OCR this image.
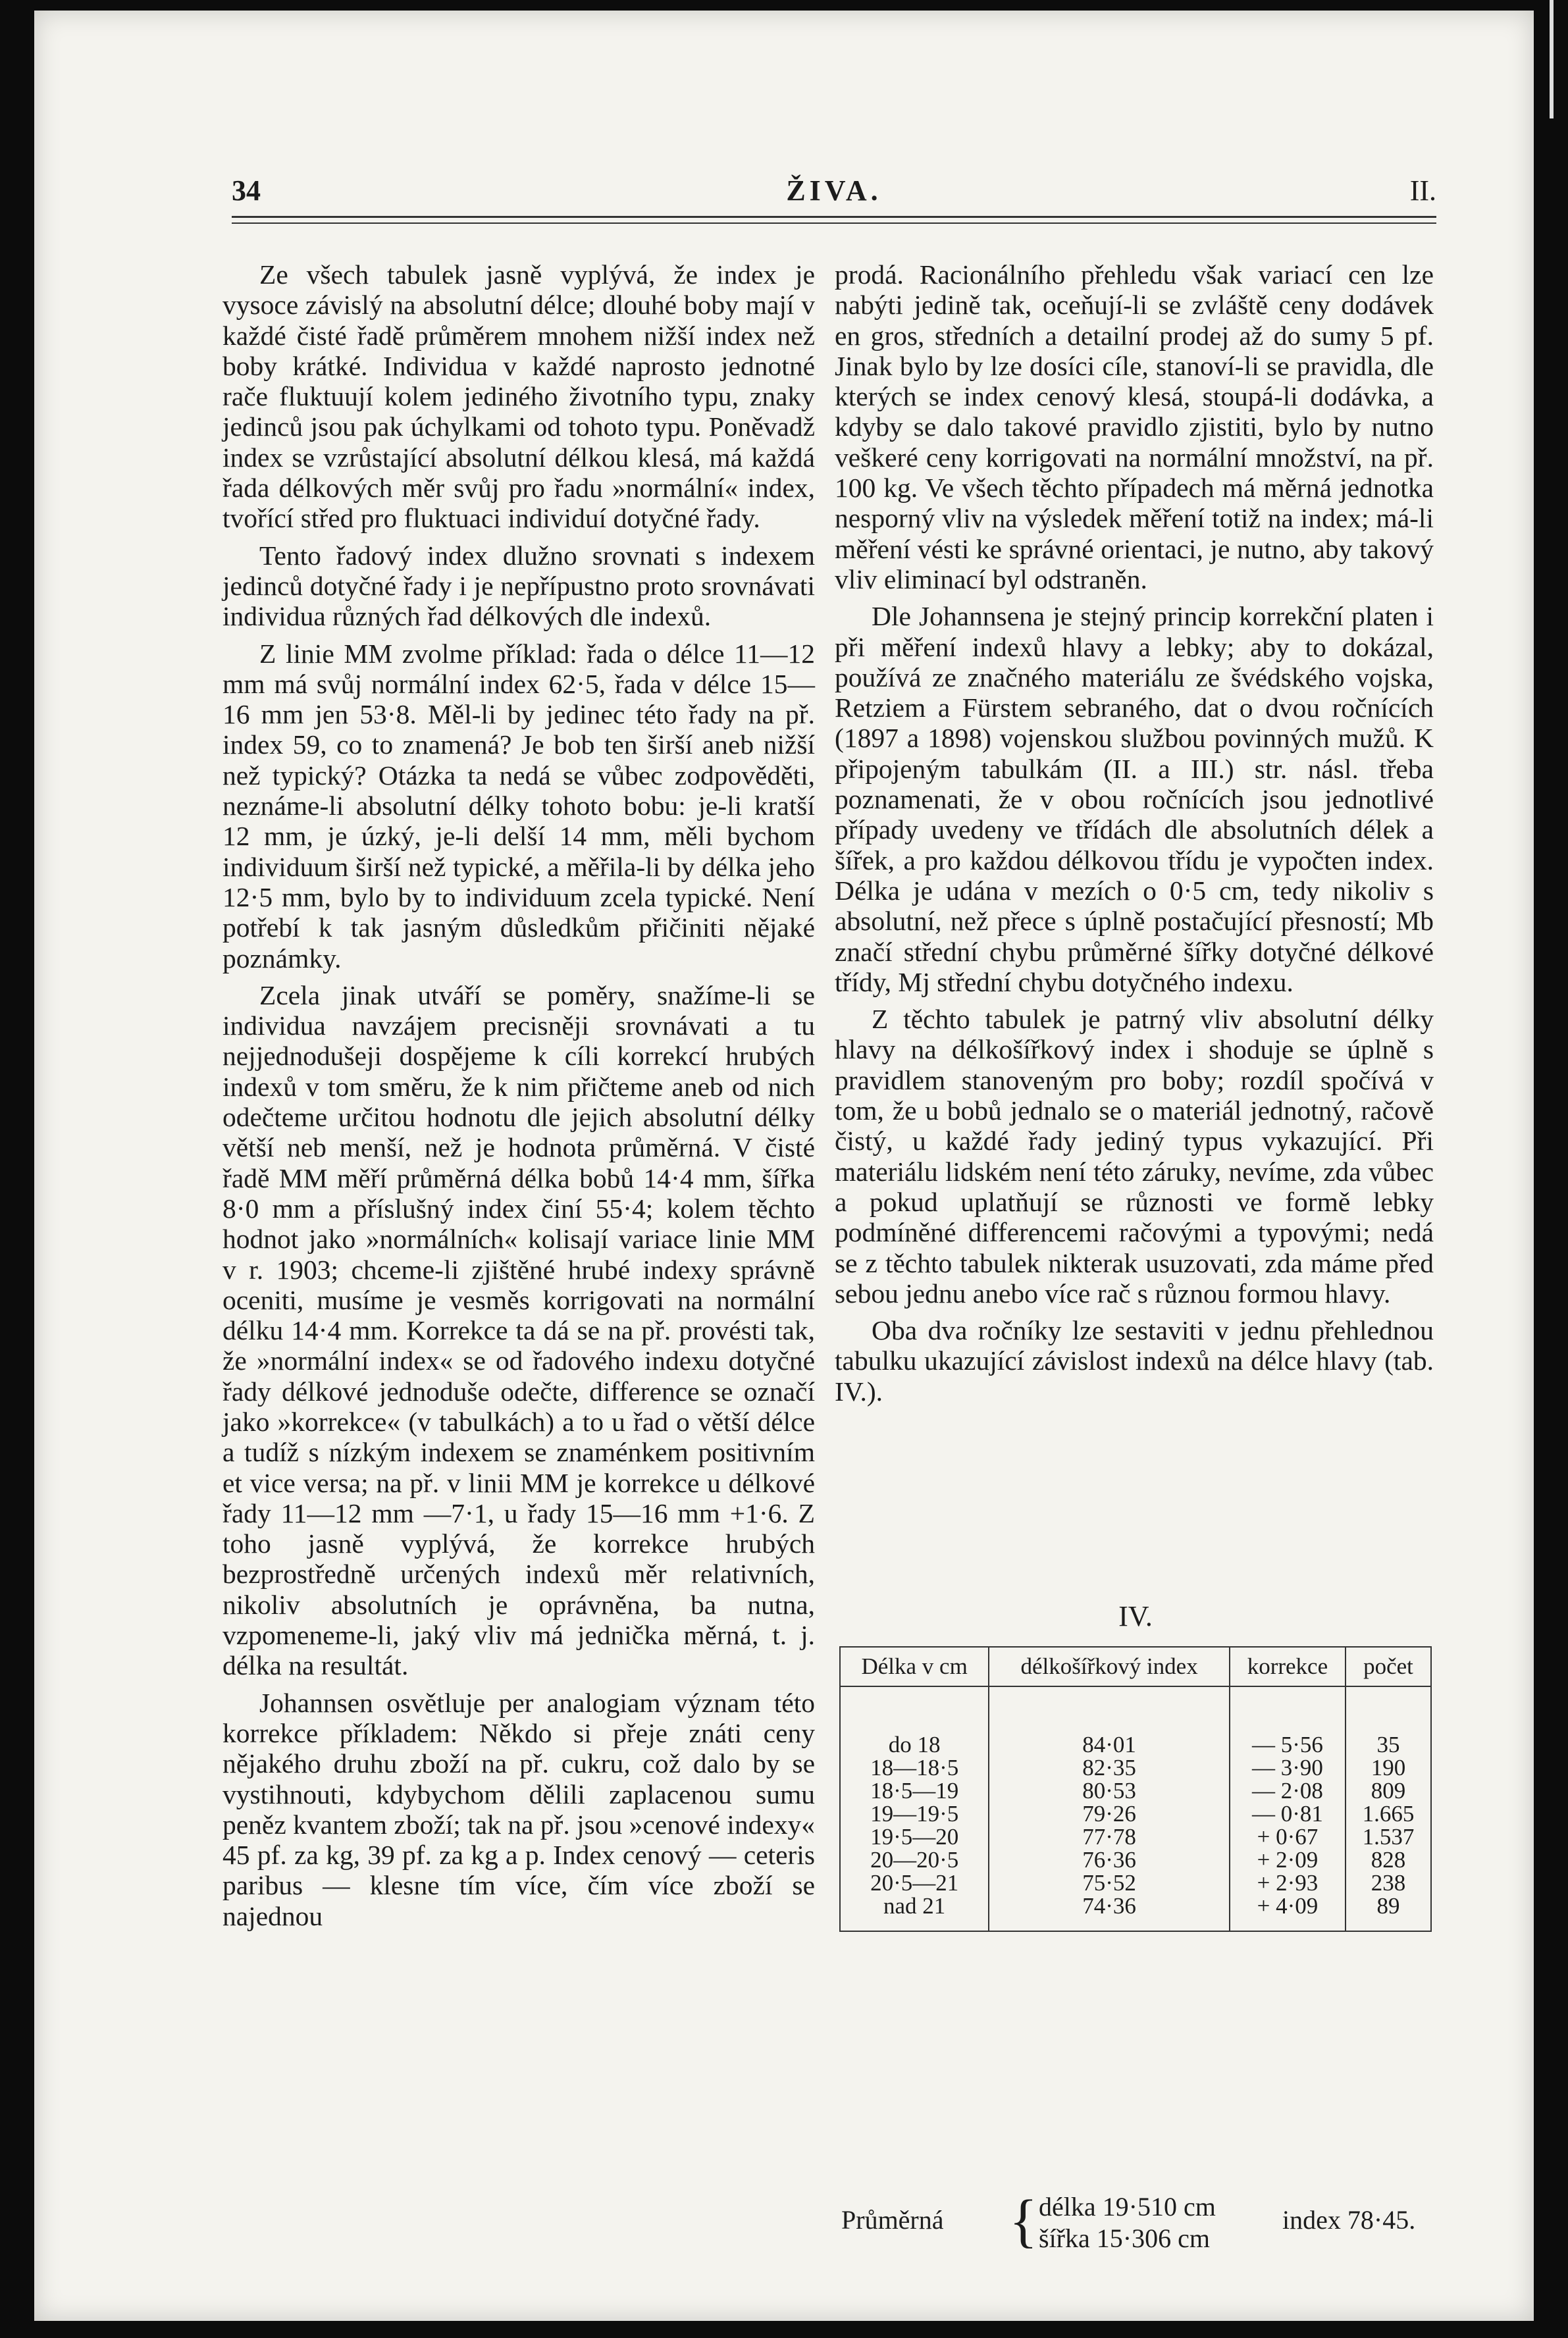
34	ŽIVA.	II.

Ze všech tabulek jasně vyplývá, že index je vysoce závislý na absolutní délce; dlouhé boby mají v každé čisté řadě průměrem mnohem nižší index než boby krátké. Individua v každé naprosto jednotné rače fluktuují kolem jediného životního typu, znaky jedinců jsou pak úchylkami od tohoto typu. Poněvadž index se vzrůstající absolutní délkou klesá, má každá řada délkových měr svůj pro řadu »normální« index, tvořící střed pro fluktuaci individuí dotyčné řady.

Tento řadový index dlužno srovnati s indexem jedinců dotyčné řady i je nepřípustno proto srovnávati individua různých řad délkových dle indexů.

Z linie MM zvolme příklad: řada o délce 11—12 mm má svůj normální index 62·5, řada v délce 15—16 mm jen 53·8. Měl-li by jedinec této řady na př. index 59, co to znamená? Je bob ten širší aneb nižší než typický? Otázka ta nedá se vůbec zodpověděti, neznáme-li absolutní délky tohoto bobu: je-li kratší 12 mm, je úzký, je-li delší 14 mm, měli bychom individuum širší než typické, a měřila-li by délka jeho 12·5 mm, bylo by to individuum zcela typické. Není potřebí k tak jasným důsledkům přičiniti nějaké poznámky.

Zcela jinak utváří se poměry, snažíme-li se individua navzájem precisněji srovnávati a tu nejjednodušeji dospějeme k cíli korrekcí hrubých indexů v tom směru, že k nim přičteme aneb od nich odečteme určitou hodnotu dle jejich absolutní délky větší neb menší, než je hodnota průměrná. V čisté řadě MM měří průměrná délka bobů 14·4 mm, šířka 8·0 mm a příslušný index činí 55·4; kolem těchto hodnot jako »normálních« kolisají variace linie MM v r. 1903; chceme-li zjištěné hrubé indexy správně oceniti, musíme je vesměs korrigovati na normální délku 14·4 mm. Korrekce ta dá se na př. provésti tak, že »normální index« se od řadového indexu dotyčné řady délkové jednoduše odečte, difference se označí jako »korrekce« (v tabulkách) a to u řad o větší délce a tudíž s nízkým indexem se znaménkem positivním et vice versa; na př. v linii MM je korrekce u délkové řady 11—12 mm —7·1, u řady 15—16 mm +1·6. Z toho jasně vyplývá, že korrekce hrubých bezprostředně určených indexů měr relativních, nikoliv absolutních je oprávněna, ba nutna, vzpomeneme-li, jaký vliv má jednička měrná, t. j. délka na resultát.

Johannsen osvětluje per analogiam význam této korrekce příkladem: Někdo si přeje znáti ceny nějakého druhu zboží na př. cukru, což dalo by se vystihnouti, kdybychom dělili zaplacenou sumu peněz kvantem zboží; tak na př. jsou »cenové indexy« 45 pf. za kg, 39 pf. za kg a p. Index cenový — ceteris paribus — klesne tím více, čím více zboží se najednou

prodá. Racionálního přehledu však variací cen lze nabýti jedině tak, oceňují-li se zvláště ceny dodávek en gros, středních a detailní prodej až do sumy 5 pf. Jinak bylo by lze dosíci cíle, stanoví-li se pravidla, dle kterých se index cenový klesá, stoupá-li dodávka, a kdyby se dalo takové pravidlo zjistiti, bylo by nutno veškeré ceny korrigovati na normální množství, na př. 100 kg. Ve všech těchto případech má měrná jednotka nesporný vliv na výsledek měření totiž na index; má-li měření vésti ke správné orientaci, je nutno, aby takový vliv eliminací byl odstraněn.

Dle Johannsena je stejný princip korrekční platen i při měření indexů hlavy a lebky; aby to dokázal, používá ze značného materiálu ze švédského vojska, Retziem a Fürstem sebraného, dat o dvou ročnících (1897 a 1898) vojenskou službou povinných mužů. K připojeným tabulkám (II. a III.) str. násl. třeba poznamenati, že v obou ročnících jsou jednotlivé případy uvedeny ve třídách dle absolutních délek a šířek, a pro každou délkovou třídu je vypočten index. Délka je udána v mezích o 0·5 cm, tedy nikoliv s absolutní, než přece s úplně postačující přesností; Mb značí střední chybu průměrné šířky dotyčné délkové třídy, Mj střední chybu dotyčného indexu.

Z těchto tabulek je patrný vliv absolutní délky hlavy na délkošířkový index i shoduje se úplně s pravidlem stanoveným pro boby; rozdíl spočívá v tom, že u bobů jednalo se o materiál jednotný, račově čistý, u každé řady jediný typus vykazující. Při materiálu lidském není této záruky, nevíme, zda vůbec a pokud uplatňují se různosti ve formě lebky podmíněné differencemi račovými a typovými; nedá se z těchto tabulek nikterak usuzovati, zda máme před sebou jednu anebo více rač s různou formou hlavy.

Oba dva ročníky lze sestaviti v jednu přehlednou tabulku ukazující závislost indexů na délce hlavy (tab. IV.).

IV.
Délka v cm	délkošířkový index	korrekce	počet
do 18	84·01	— 5·56	35
18—18·5	82·35	— 3·90	190
18·5—19	80·53	— 2·08	809
19—19·5	79·26	— 0·81	1.665
19·5—20	77·78	+ 0·67	1.537
20—20·5	76·36	+ 2·09	828
20·5—21	75·52	+ 2·93	238
nad 21	74·36	+ 4·09	89
Průměrná { délka 19·510 cm
šířka 15·306 cm
index 78·45.
